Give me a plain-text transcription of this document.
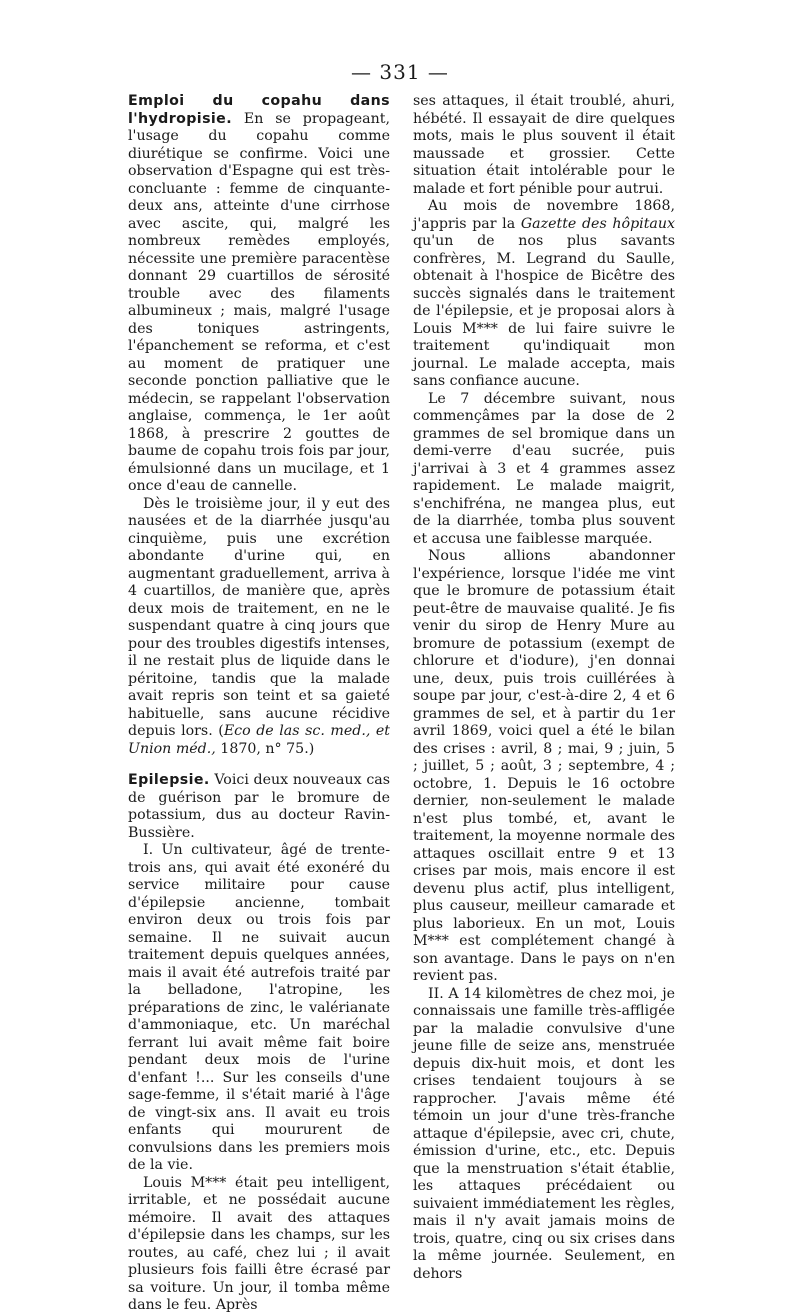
— 331 —

Emploi du copahu dans l'hydropisie. En se propageant, l'usage du copahu comme diurétique se confirme. Voici une observation d'Espagne qui est très-concluante : femme de cinquante-deux ans, atteinte d'une cirrhose avec ascite, qui, malgré les nombreux remèdes employés, nécessite une première paracentèse donnant 29 cuartillos de sérosité trouble avec des filaments albumineux ; mais, malgré l'usage des toniques astringents, l'épanchement se reforma, et c'est au moment de pratiquer une seconde ponction palliative que le médecin, se rappelant l'observation anglaise, commença, le 1er août 1868, à prescrire 2 gouttes de baume de copahu trois fois par jour, émulsionné dans un mucilage, et 1 once d'eau de cannelle.

Dès le troisième jour, il y eut des nausées et de la diarrhée jusqu'au cinquième, puis une excrétion abondante d'urine qui, en augmentant graduellement, arriva à 4 cuartillos, de manière que, après deux mois de traitement, en ne le suspendant quatre à cinq jours que pour des troubles digestifs intenses, il ne restait plus de liquide dans le péritoine, tandis que la malade avait repris son teint et sa gaieté habituelle, sans aucune récidive depuis lors. (Eco de las sc. med., et Union méd., 1870, n° 75.)

Epilepsie. Voici deux nouveaux cas de guérison par le bromure de potassium, dus au docteur Ravin-Bussière.

I. Un cultivateur, âgé de trente-trois ans, qui avait été exonéré du service militaire pour cause d'épilepsie ancienne, tombait environ deux ou trois fois par semaine. Il ne suivait aucun traitement depuis quelques années, mais il avait été autrefois traité par la belladone, l'atropine, les préparations de zinc, le valérianate d'ammoniaque, etc. Un maréchal ferrant lui avait même fait boire pendant deux mois de l'urine d'enfant !... Sur les conseils d'une sage-femme, il s'était marié à l'âge de vingt-six ans. Il avait eu trois enfants qui moururent de convulsions dans les premiers mois de la vie.

Louis M*** était peu intelligent, irritable, et ne possédait aucune mémoire. Il avait des attaques d'épilepsie dans les champs, sur les routes, au café, chez lui ; il avait plusieurs fois failli être écrasé par sa voiture. Un jour, il tomba même dans le feu. Après

ses attaques, il était troublé, ahuri, hébété. Il essayait de dire quelques mots, mais le plus souvent il était maussade et grossier. Cette situation était intolérable pour le malade et fort pénible pour autrui.

Au mois de novembre 1868, j'appris par la Gazette des hôpitaux qu'un de nos plus savants confrères, M. Legrand du Saulle, obtenait à l'hospice de Bicêtre des succès signalés dans le traitement de l'épilepsie, et je proposai alors à Louis M*** de lui faire suivre le traitement qu'indiquait mon journal. Le malade accepta, mais sans confiance aucune.

Le 7 décembre suivant, nous commençâmes par la dose de 2 grammes de sel bromique dans un demi-verre d'eau sucrée, puis j'arrivai à 3 et 4 grammes assez rapidement. Le malade maigrit, s'enchifréna, ne mangea plus, eut de la diarrhée, tomba plus souvent et accusa une faiblesse marquée.

Nous allions abandonner l'expérience, lorsque l'idée me vint que le bromure de potassium était peut-être de mauvaise qualité. Je fis venir du sirop de Henry Mure au bromure de potassium (exempt de chlorure et d'iodure), j'en donnai une, deux, puis trois cuillérées à soupe par jour, c'est-à-dire 2, 4 et 6 grammes de sel, et à partir du 1er avril 1869, voici quel a été le bilan des crises : avril, 8 ; mai, 9 ; juin, 5 ; juillet, 5 ; août, 3 ; septembre, 4 ; octobre, 1. Depuis le 16 octobre dernier, non-seulement le malade n'est plus tombé, et, avant le traitement, la moyenne normale des attaques oscillait entre 9 et 13 crises par mois, mais encore il est devenu plus actif, plus intelligent, plus causeur, meilleur camarade et plus laborieux. En un mot, Louis M*** est complétement changé à son avantage. Dans le pays on n'en revient pas.

II. A 14 kilomètres de chez moi, je connaissais une famille très-affligée par la maladie convulsive d'une jeune fille de seize ans, menstruée depuis dix-huit mois, et dont les crises tendaient toujours à se rapprocher. J'avais même été témoin un jour d'une très-franche attaque d'épilepsie, avec cri, chute, émission d'urine, etc., etc. Depuis que la menstruation s'était établie, les attaques précédaient ou suivaient immédiatement les règles, mais il n'y avait jamais moins de trois, quatre, cinq ou six crises dans la même journée. Seulement, en dehors
